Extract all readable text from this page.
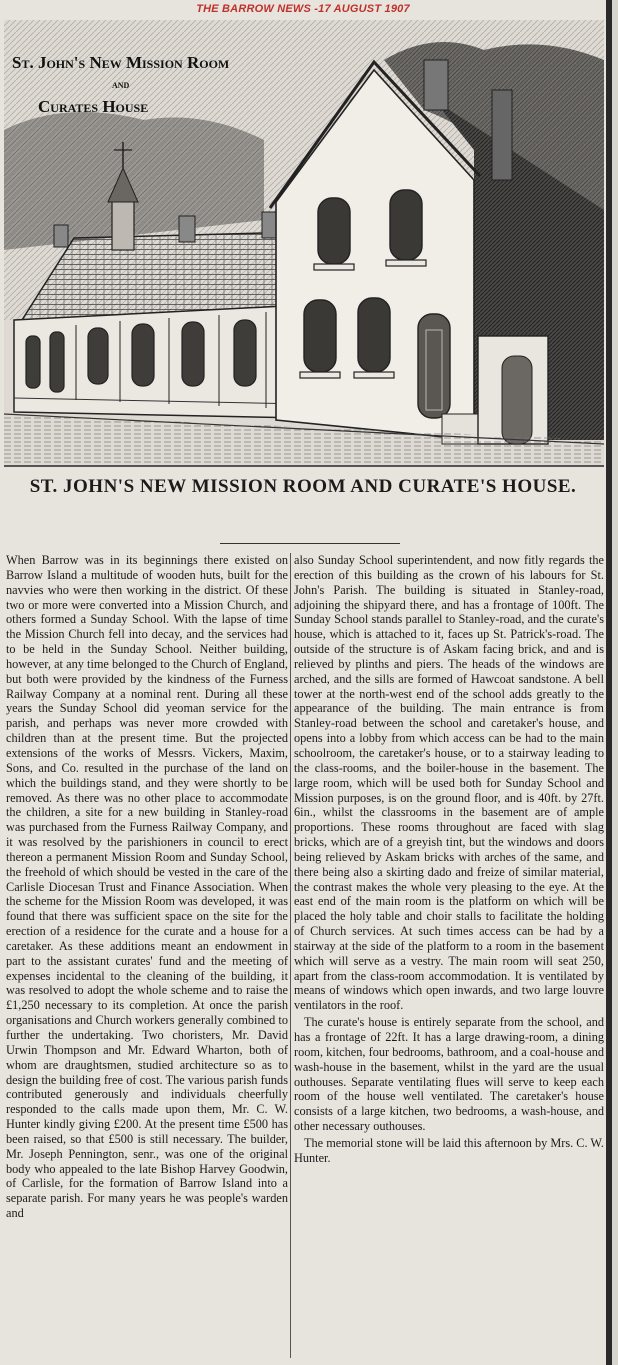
THE BARROW NEWS -17 AUGUST 1907
St. John's New Mission Room
and
Curates House
ST. JOHN'S NEW MISSION ROOM AND CURATE'S HOUSE.

When Barrow was in its beginnings there existed on Barrow Island a multitude of wooden huts, built for the navvies who were then working in the district. Of these two or more were converted into a Mission Church, and others formed a Sunday School. With the lapse of time the Mission Church fell into decay, and the services had to be held in the Sunday School. Neither building, however, at any time belonged to the Church of England, but both were provided by the kindness of the Furness Railway Company at a nominal rent. During all these years the Sunday School did yeoman service for the parish, and perhaps was never more crowded with children than at the present time. But the projected extensions of the works of Messrs. Vickers, Maxim, Sons, and Co. resulted in the purchase of the land on which the buildings stand, and they were shortly to be removed. As there was no other place to accommodate the children, a site for a new building in Stanley-road was purchased from the Furness Railway Company, and it was resolved by the parishioners in council to erect thereon a permanent Mission Room and Sunday School, the freehold of which should be vested in the care of the Carlisle Diocesan Trust and Finance Association. When the scheme for the Mission Room was developed, it was found that there was sufficient space on the site for the erection of a residence for the curate and a house for a caretaker. As these additions meant an endowment in part to the assistant curates' fund and the meeting of expenses incidental to the cleaning of the building, it was resolved to adopt the whole scheme and to raise the £1,250 necessary to its completion. At once the parish organisations and Church workers generally combined to further the undertaking. Two choristers, Mr. David Urwin Thompson and Mr. Edward Wharton, both of whom are draughtsmen, studied architecture so as to design the building free of cost. The various parish funds contributed generously and individuals cheerfully responded to the calls made upon them, Mr. C. W. Hunter kindly giving £200. At the present time £500 has been raised, so that £500 is still necessary. The builder, Mr. Joseph Pennington, senr., was one of the original body who appealed to the late Bishop Harvey Goodwin, of Carlisle, for the formation of Barrow Island into a separate parish. For many years he was people's warden and

also Sunday School superintendent, and now fitly regards the erection of this building as the crown of his labours for St. John's Parish. The building is situated in Stanley-road, adjoining the shipyard there, and has a frontage of 100ft. The Sunday School stands parallel to Stanley-road, and the curate's house, which is attached to it, faces up St. Patrick's-road. The outside of the structure is of Askam facing brick, and and is relieved by plinths and piers. The heads of the windows are arched, and the sills are formed of Hawcoat sandstone. A bell tower at the north-west end of the school adds greatly to the appearance of the building. The main entrance is from Stanley-road between the school and caretaker's house, and opens into a lobby from which access can be had to the main schoolroom, the caretaker's house, or to a stairway leading to the class-rooms, and the boiler-house in the basement. The large room, which will be used both for Sunday School and Mission purposes, is on the ground floor, and is 40ft. by 27ft. 6in., whilst the classrooms in the basement are of ample proportions. These rooms throughout are faced with slag bricks, which are of a greyish tint, but the windows and doors being relieved by Askam bricks with arches of the same, and there being also a skirting dado and freize of similar material, the contrast makes the whole very pleasing to the eye. At the east end of the main room is the platform on which will be placed the holy table and choir stalls to facilitate the holding of Church services. At such times access can be had by a stairway at the side of the platform to a room in the basement which will serve as a vestry. The main room will seat 250, apart from the class-room accommodation. It is ventilated by means of windows which open inwards, and two large louvre ventilators in the roof.

The curate's house is entirely separate from the school, and has a frontage of 22ft. It has a large drawing-room, a dining room, kitchen, four bedrooms, bathroom, and a coal-house and wash-house in the basement, whilst in the yard are the usual outhouses. Separate ventilating flues will serve to keep each room of the house well ventilated. The caretaker's house consists of a large kitchen, two bedrooms, a wash-house, and other necessary outhouses.

The memorial stone will be laid this afternoon by Mrs. C. W. Hunter.
